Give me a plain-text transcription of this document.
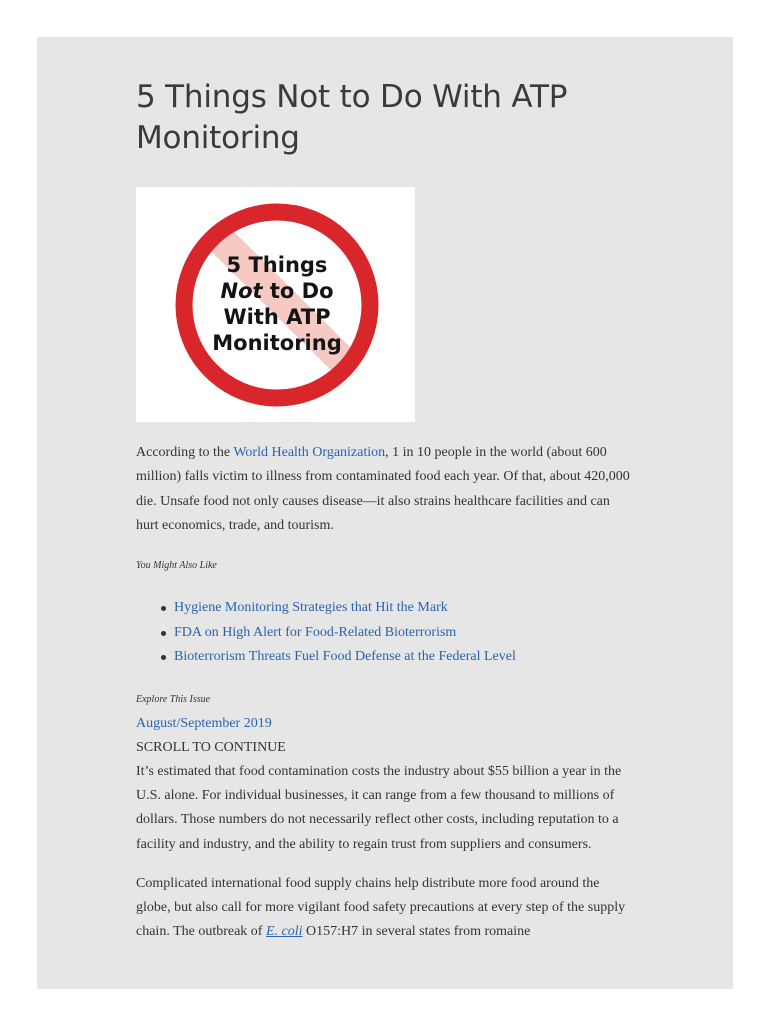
5 Things Not to Do With ATP Monitoring
5 Things
Not to Do
With ATP
Monitoring

According to the World Health Organization, 1 in 10 people in the world (about 600 million) falls victim to illness from contaminated food each year. Of that, about 420,000 die. Unsafe food not only causes disease—it also strains healthcare facilities and can hurt economics, trade, and tourism.

You Might Also Like
Hygiene Monitoring Strategies that Hit the Mark
FDA on High Alert for Food-Related Bioterrorism
Bioterrorism Threats Fuel Food Defense at the Federal Level
Explore This Issue
August/September 2019
SCROLL TO CONTINUE

It’s estimated that food contamination costs the industry about $55 billion a year in the U.S. alone. For individual businesses, it can range from a few thousand to millions of dollars. Those numbers do not necessarily reflect other costs, including reputation to a facility and industry, and the ability to regain trust from suppliers and consumers.

Complicated international food supply chains help distribute more food around the globe, but also call for more vigilant food safety precautions at every step of the supply chain. The outbreak of E. coli O157:H7 in several states from romaine
